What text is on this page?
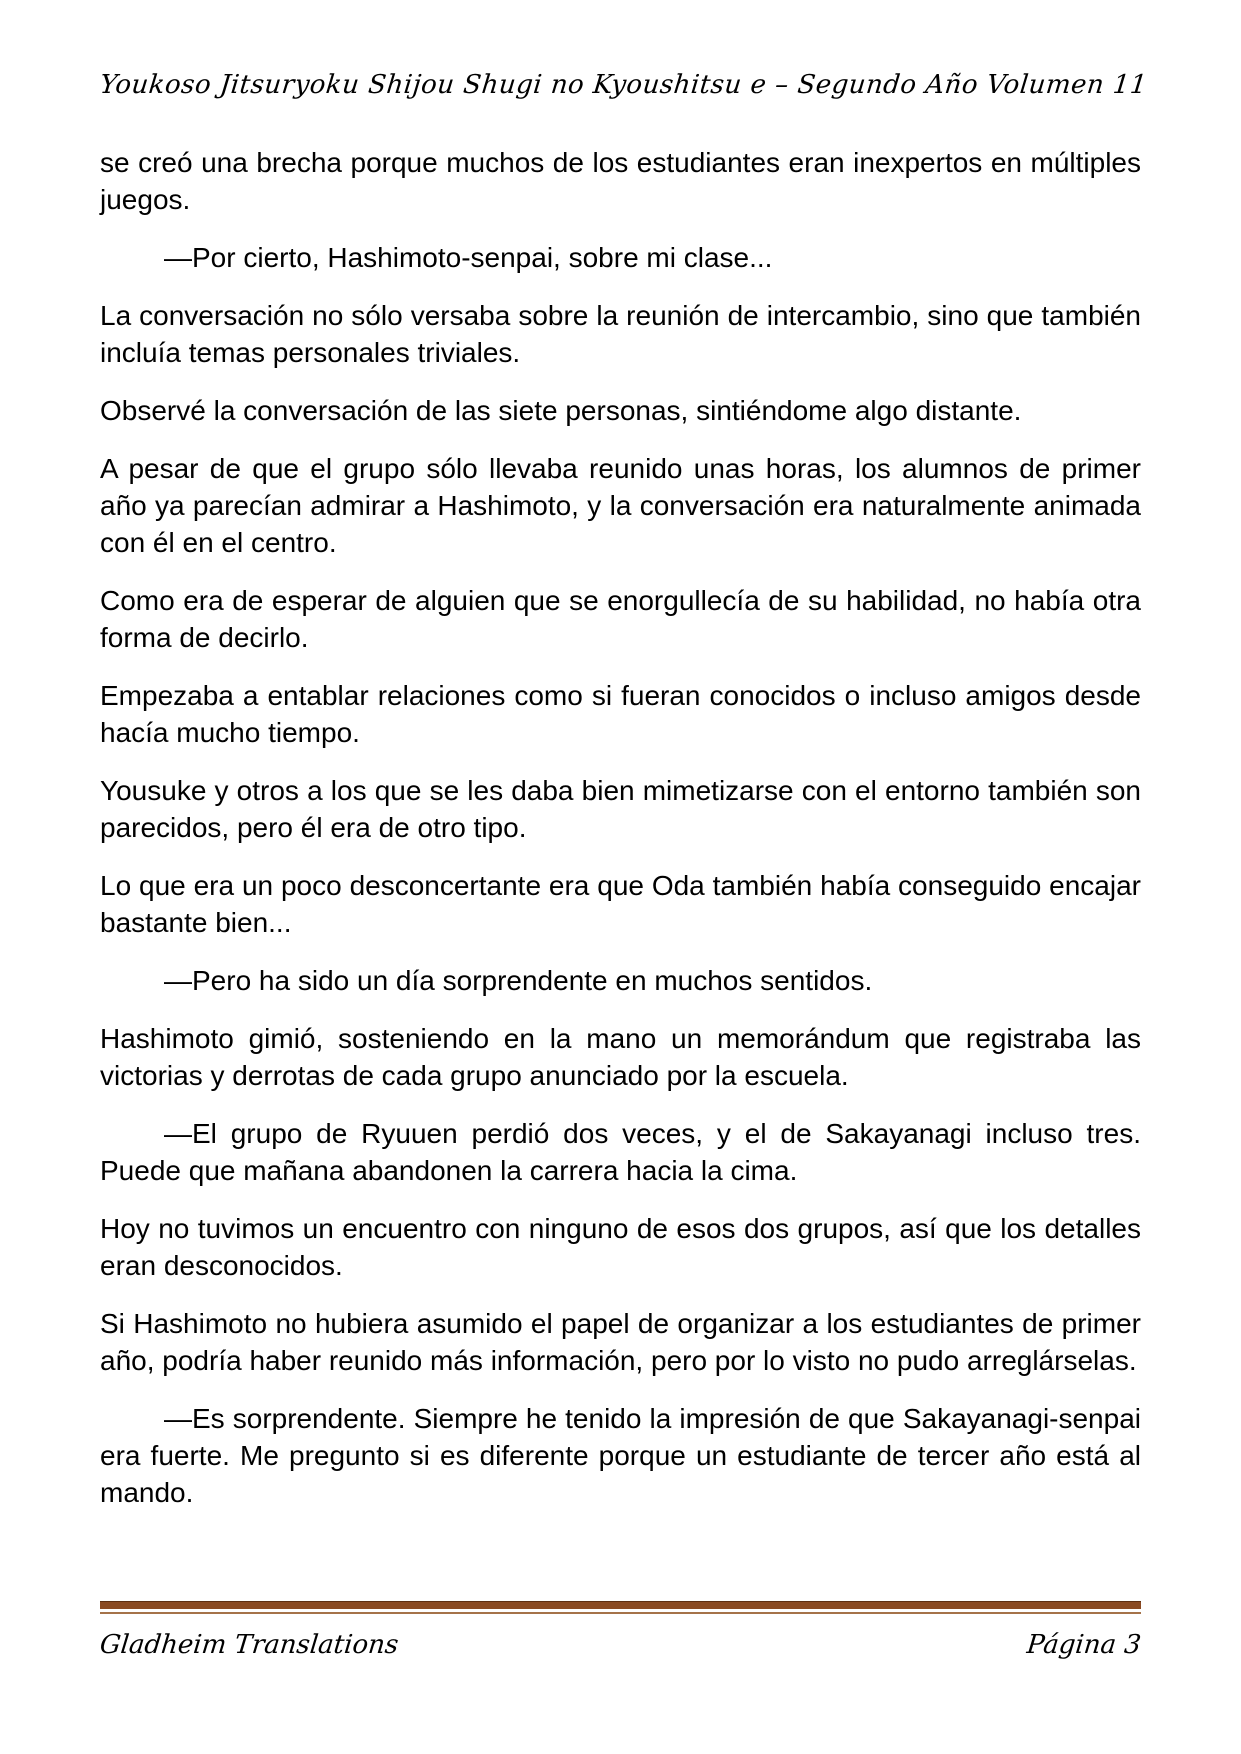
Youkoso Jitsuryoku Shijou Shugi no Kyoushitsu e – Segundo Año Volumen 11

se creó una brecha porque muchos de los estudiantes eran inexpertos en múltiples juegos.

—Por cierto, Hashimoto-senpai, sobre mi clase...

La conversación no sólo versaba sobre la reunión de intercambio, sino que también incluía temas personales triviales.

Observé la conversación de las siete personas, sintiéndome algo distante.

A pesar de que el grupo sólo llevaba reunido unas horas, los alumnos de primer año ya parecían admirar a Hashimoto, y la conversación era naturalmente animada con él en el centro.

Como era de esperar de alguien que se enorgullecía de su habilidad, no había otra forma de decirlo.

Empezaba a entablar relaciones como si fueran conocidos o incluso amigos desde hacía mucho tiempo.

Yousuke y otros a los que se les daba bien mimetizarse con el entorno también son parecidos, pero él era de otro tipo.

Lo que era un poco desconcertante era que Oda también había conseguido encajar bastante bien...

—Pero ha sido un día sorprendente en muchos sentidos.

Hashimoto gimió, sosteniendo en la mano un memorándum que registraba las victorias y derrotas de cada grupo anunciado por la escuela.

—El grupo de Ryuuen perdió dos veces, y el de Sakayanagi incluso tres. Puede que mañana abandonen la carrera hacia la cima.

Hoy no tuvimos un encuentro con ninguno de esos dos grupos, así que los detalles eran desconocidos.

Si Hashimoto no hubiera asumido el papel de organizar a los estudiantes de primer año, podría haber reunido más información, pero por lo visto no pudo arreglárselas.

—Es sorprendente. Siempre he tenido la impresión de que Sakayanagi-senpai era fuerte. Me pregunto si es diferente porque un estudiante de tercer año está al mando.

Gladheim Translations	Página 3
